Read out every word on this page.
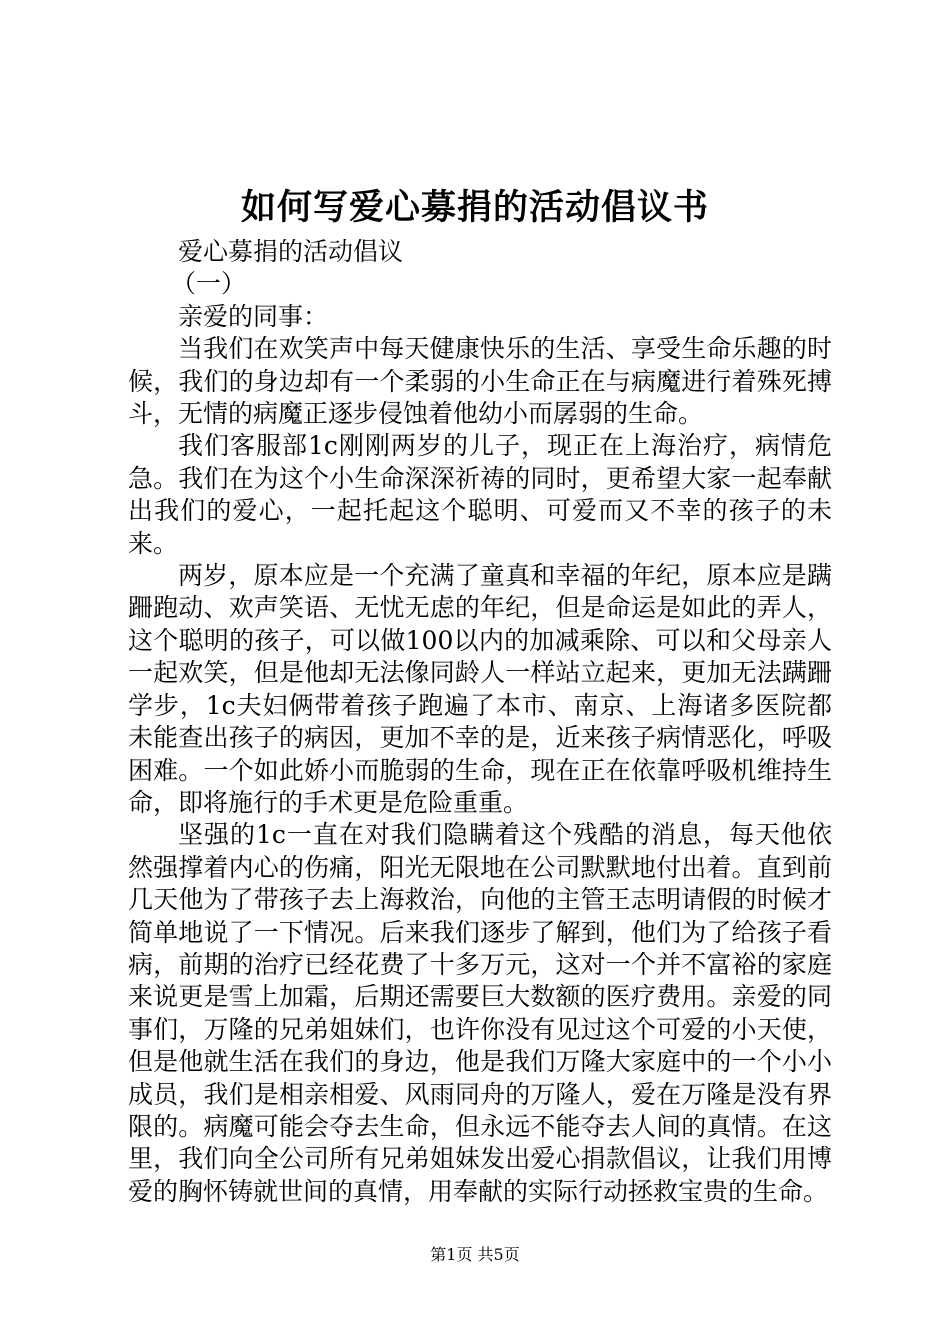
如何写爱心募捐的活动倡议书

爱心募捐的活动倡议

（一）

亲爱的同事：

当我们在欢笑声中每天健康快乐的生活、享受生命乐趣的时候，我们的身边却有一个柔弱的小生命正在与病魔进行着殊死搏斗，无情的病魔正逐步侵蚀着他幼小而孱弱的生命。

我们客服部1c刚刚两岁的儿子，现正在上海治疗，病情危急。我们在为这个小生命深深祈祷的同时，更希望大家一起奉献出我们的爱心，一起托起这个聪明、可爱而又不幸的孩子的未来。

两岁，原本应是一个充满了童真和幸福的年纪，原本应是蹒跚跑动、欢声笑语、无忧无虑的年纪，但是命运是如此的弄人，这个聪明的孩子，可以做100以内的加减乘除、可以和父母亲人一起欢笑，但是他却无法像同龄人一样站立起来，更加无法蹒跚学步，1c夫妇俩带着孩子跑遍了本市、南京、上海诸多医院都未能查出孩子的病因，更加不幸的是，近来孩子病情恶化，呼吸困难。一个如此娇小而脆弱的生命，现在正在依靠呼吸机维持生命，即将施行的手术更是危险重重。

坚强的1c一直在对我们隐瞒着这个残酷的消息，每天他依然强撑着内心的伤痛，阳光无限地在公司默默地付出着。直到前几天他为了带孩子去上海救治，向他的主管王志明请假的时候才简单地说了一下情况。后来我们逐步了解到，他们为了给孩子看病，前期的治疗已经花费了十多万元，这对一个并不富裕的家庭来说更是雪上加霜，后期还需要巨大数额的医疗费用。亲爱的同事们，万隆的兄弟姐妹们，也许你没有见过这个可爱的小天使，但是他就生活在我们的身边，他是我们万隆大家庭中的一个小小成员，我们是相亲相爱、风雨同舟的万隆人，爱在万隆是没有界限的。病魔可能会夺去生命，但永远不能夺去人间的真情。在这里，我们向全公司所有兄弟姐妹发出爱心捐款倡议，让我们用博爱的胸怀铸就世间的真情，用奉献的实际行动拯救宝贵的生命。

第1页 共5页
